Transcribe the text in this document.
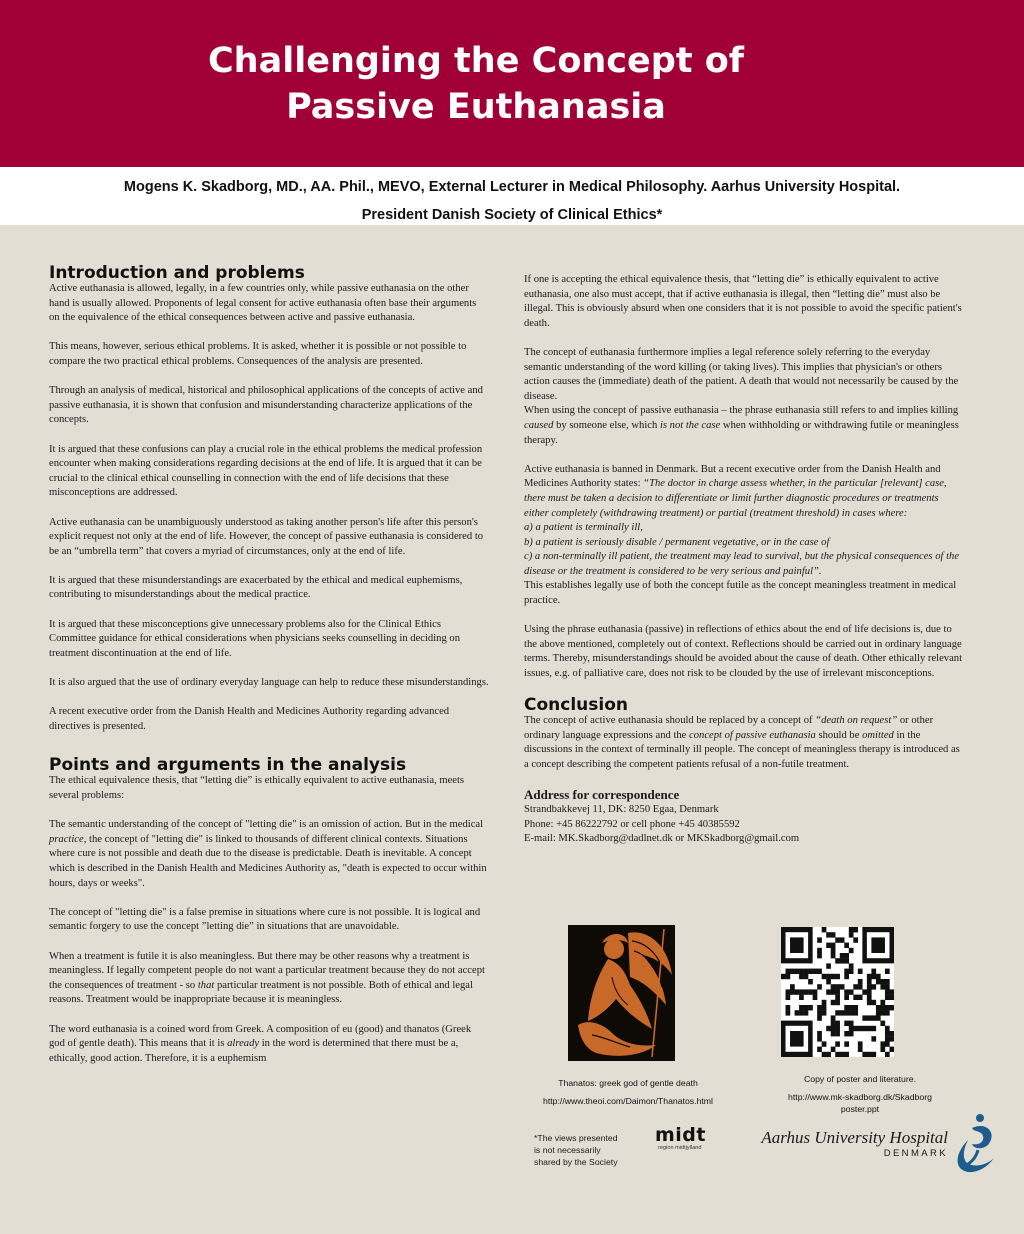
Challenging the Concept of
Passive Euthanasia
Mogens K. Skadborg, MD., AA. Phil., MEVO, External Lecturer in Medical Philosophy. Aarhus University Hospital.
President Danish Society of Clinical Ethics*
Introduction and problems

Active euthanasia is allowed, legally, in a few countries only, while passive euthanasia on the other hand is usually allowed. Proponents of legal consent for active euthanasia often base their arguments on the equivalence of the ethical consequences between active and passive euthanasia.

This means, however, serious ethical problems. It is asked, whether it is possible or not possible to compare the two practical ethical problems. Consequences of the analysis are presented.

Through an analysis of medical, historical and philosophical applications of the concepts of active and passive euthanasia, it is shown that confusion and misunderstanding characterize applications of the concepts.

It is argued that these confusions can play a crucial role in the ethical problems the medical profession encounter when making considerations regarding decisions at the end of life. It is argued that it can be crucial to the clinical ethical counselling in connection with the end of life decisions that these misconceptions are addressed.

Active euthanasia can be unambiguously understood as taking another person's life after this person's explicit request not only at the end of life. However, the concept of passive euthanasia is considered to be an “umbrella term” that covers a myriad of circumstances, only at the end of life.

It is argued that these misunderstandings are exacerbated by the ethical and medical euphemisms, contributing to misunderstandings about the medical practice.

It is argued that these misconceptions give unnecessary problems also for the Clinical Ethics Committee guidance for ethical considerations when physicians seeks counselling in deciding on treatment discontinuation at the end of life.

It is also argued that the use of ordinary everyday language can help to reduce these misunderstandings.

A recent executive order from the Danish Health and Medicines Authority regarding advanced directives is presented.

Points and arguments in the analysis

The ethical equivalence thesis, that “letting die” is ethically equivalent to active euthanasia, meets several problems:

The semantic understanding of the concept of "letting die" is an omission of action. But in the medical practice, the concept of "letting die" is linked to thousands of different clinical contexts. Situations where cure is not possible and death due to the disease is predictable. Death is inevitable. A concept which is described in the Danish Health and Medicines Authority as, "death is expected to occur within hours, days or weeks".

The concept of "letting die" is a false premise in situations where cure is not possible. It is logical and semantic forgery to use the concept ”letting die” in situations that are unavoidable.

When a treatment is futile it is also meaningless. But there may be other reasons why a treatment is meaningless. If legally competent people do not want a particular treatment because they do not accept the consequences of treatment - so that particular treatment is not possible. Both of ethical and legal reasons. Treatment would be inappropriate because it is meaningless.

The word euthanasia is a coined word from Greek. A composition of eu (good) and thanatos (Greek god of gentle death). This means that it is already in the word is determined that there must be a, ethically, good action. Therefore, it is a euphemism

If one is accepting the ethical equivalence thesis, that “letting die” is ethically equivalent to active euthanasia, one also must accept, that if active euthanasia is illegal, then “letting die” must also be illegal. This is obviously absurd when one considers that it is not possible to avoid the specific patient's death.

The concept of euthanasia furthermore implies a legal reference solely referring to the everyday semantic understanding of the word killing (or taking lives). This implies that physician's or others action causes the (immediate) death of the patient. A death that would not necessarily be caused by the disease.

When using the concept of passive euthanasia – the phrase euthanasia still refers to and implies killing caused by someone else, which is not the case when withholding or withdrawing futile or meaningless therapy.

Active euthanasia is banned in Denmark. But a recent executive order from the Danish Health and Medicines Authority states: “The doctor in charge assess whether, in the particular [relevant] case, there must be taken a decision to differentiate or limit further diagnostic procedures or treatments either completely (withdrawing treatment) or partial (treatment threshold) in cases where:
a) a patient is terminally ill,
b) a patient is seriously disable / permanent vegetative, or in the case of
c) a non-terminally ill patient, the treatment may lead to survival, but the physical consequences of the disease or the treatment is considered to be very serious and painful”.
This establishes legally use of both the concept futile as the concept meaningless treatment in medical practice.

Using the phrase euthanasia (passive) in reflections of ethics about the end of life decisions is, due to the above mentioned, completely out of context. Reflections should be carried out in ordinary language terms. Thereby, misunderstandings should be avoided about the cause of death. Other ethically relevant issues, e.g. of palliative care, does not risk to be clouded by the use of irrelevant misconceptions.

Conclusion

The concept of active euthanasia should be replaced by a concept of “death on request” or other ordinary language expressions and the concept of passive euthanasia should be omitted in the discussions in the context of terminally ill people. The concept of meaningless therapy is introduced as a concept describing the competent patients refusal of a non-futile treatment.

Address for correspondence
Strandbakkevej 11, DK: 8250 Egaa, Denmark
Phone: +45 86222792 or cell phone +45 40385592
E-mail: MK.Skadborg@dadlnet.dk or MKSkadborg@gmail.com
Thanatos: greek god of gentle death
http://www.theoi.com/Daimon/Thanatos.html
Copy of poster and literature.
http://www.mk-skadborg.dk/Skadborg
poster.ppt
*The views presented
is not necessarily
shared by the Society
midt
region midtjylland
Aarhus University Hospital
DENMARK
